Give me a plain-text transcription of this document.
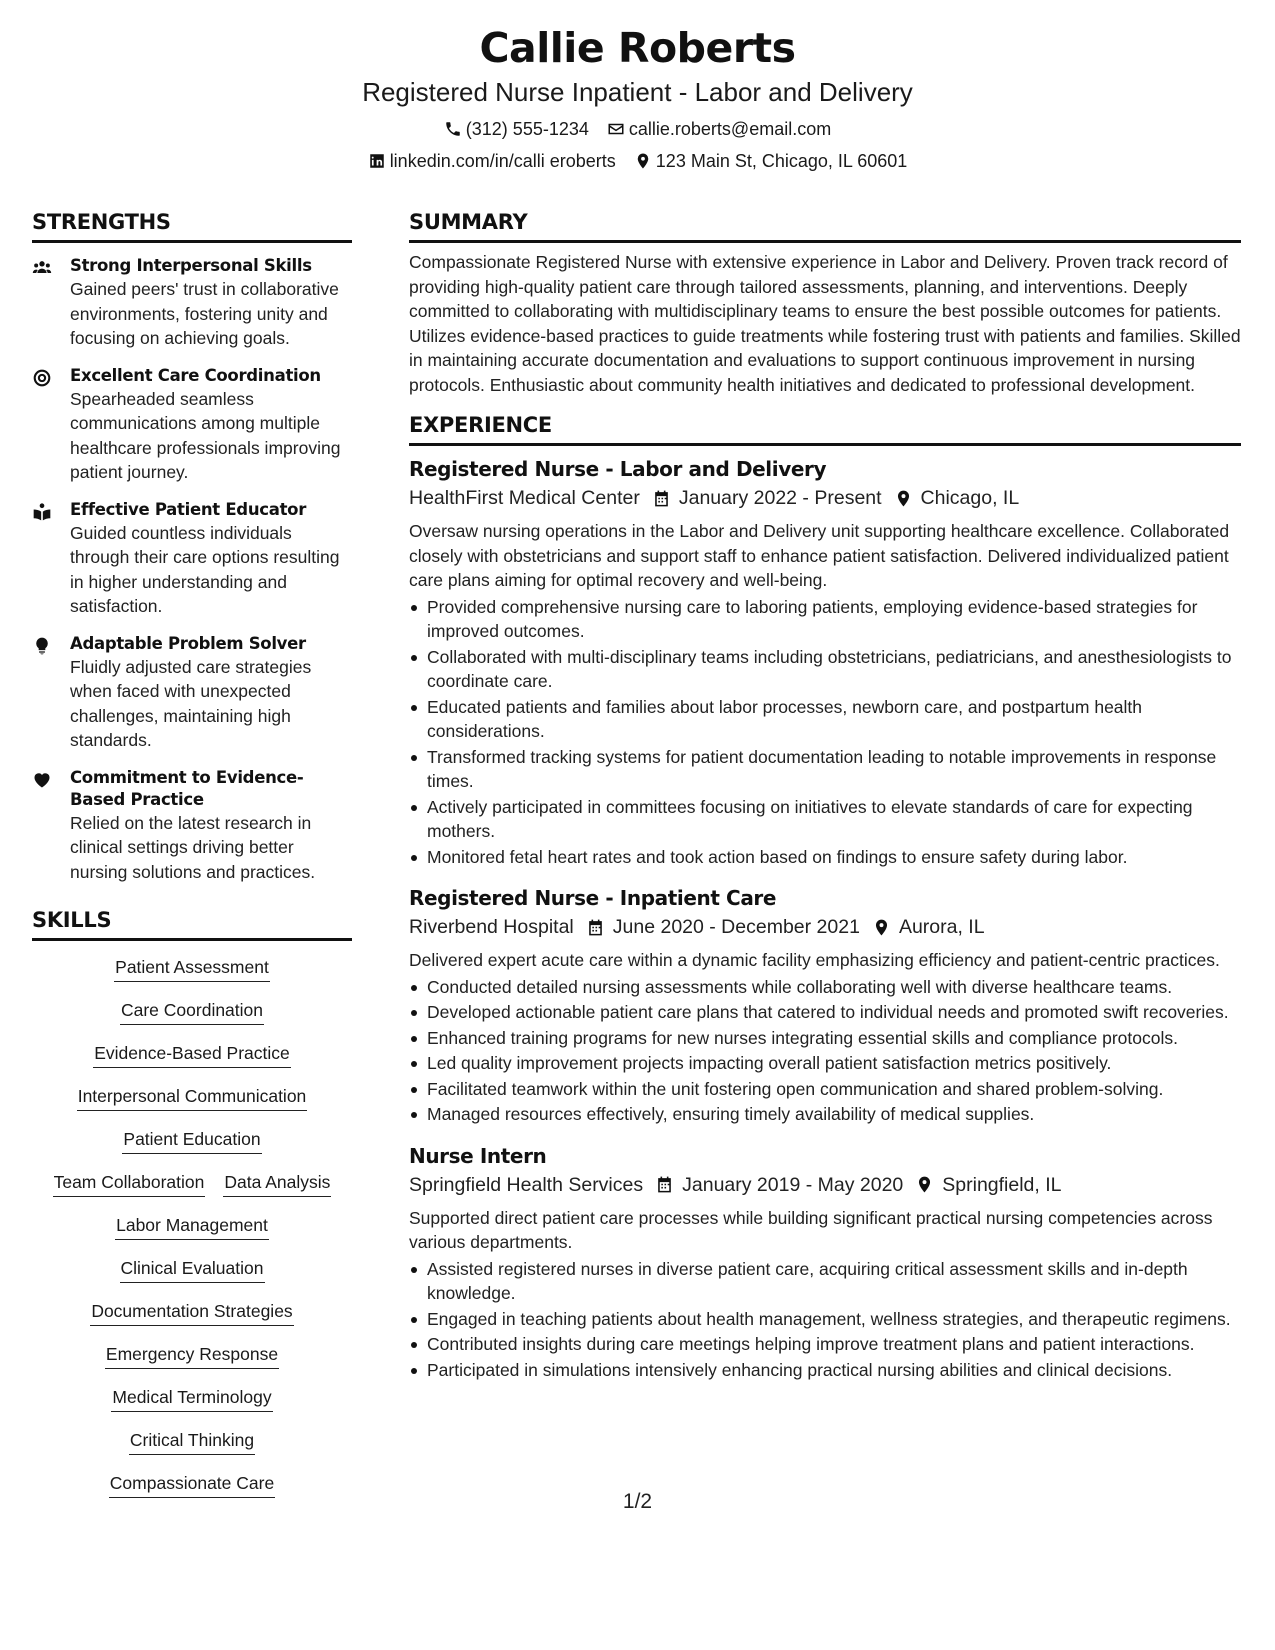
Callie Roberts
Registered Nurse Inpatient - Labor and Delivery
(312) 555-1234 callie.roberts@email.com
linkedin.com/in/calli eroberts 123 Main St, Chicago, IL 60601
STRENGTHS
Strong Interpersonal Skills
Gained peers' trust in collaborative environments, fostering unity and focusing on achieving goals.
Excellent Care Coordination
Spearheaded seamless communications among multiple healthcare professionals improving patient journey.
Effective Patient Educator
Guided countless individuals through their care options resulting in higher understanding and satisfaction.
Adaptable Problem Solver
Fluidly adjusted care strategies when faced with unexpected challenges, maintaining high standards.
Commitment to Evidence-Based Practice
Relied on the latest research in clinical settings driving better nursing solutions and practices.
SKILLS
Patient Assessment
Care Coordination
Evidence-Based Practice
Interpersonal Communication
Patient Education
Team Collaboration Data Analysis
Labor Management
Clinical Evaluation
Documentation Strategies
Emergency Response
Medical Terminology
Critical Thinking
Compassionate Care
SUMMARY
Compassionate Registered Nurse with extensive experience in Labor and Delivery. Proven track record of providing high-quality patient care through tailored assessments, planning, and interventions. Deeply committed to collaborating with multidisciplinary teams to ensure the best possible outcomes for patients. Utilizes evidence-based practices to guide treatments while fostering trust with patients and families. Skilled in maintaining accurate documentation and evaluations to support continuous improvement in nursing protocols. Enthusiastic about community health initiatives and dedicated to professional development.
EXPERIENCE
Registered Nurse - Labor and Delivery
HealthFirst Medical Center January 2022 - Present Chicago, IL
Oversaw nursing operations in the Labor and Delivery unit supporting healthcare excellence. Collaborated closely with obstetricians and support staff to enhance patient satisfaction. Delivered individualized patient care plans aiming for optimal recovery and well-being.
Provided comprehensive nursing care to laboring patients, employing evidence-based strategies for improved outcomes.
Collaborated with multi-disciplinary teams including obstetricians, pediatricians, and anesthesiologists to coordinate care.
Educated patients and families about labor processes, newborn care, and postpartum health considerations.
Transformed tracking systems for patient documentation leading to notable improvements in response times.
Actively participated in committees focusing on initiatives to elevate standards of care for expecting mothers.
Monitored fetal heart rates and took action based on findings to ensure safety during labor.
Registered Nurse - Inpatient Care
Riverbend Hospital June 2020 - December 2021 Aurora, IL
Delivered expert acute care within a dynamic facility emphasizing efficiency and patient-centric practices.
Conducted detailed nursing assessments while collaborating well with diverse healthcare teams.
Developed actionable patient care plans that catered to individual needs and promoted swift recoveries.
Enhanced training programs for new nurses integrating essential skills and compliance protocols.
Led quality improvement projects impacting overall patient satisfaction metrics positively.
Facilitated teamwork within the unit fostering open communication and shared problem-solving.
Managed resources effectively, ensuring timely availability of medical supplies.
Nurse Intern
Springfield Health Services January 2019 - May 2020 Springfield, IL
Supported direct patient care processes while building significant practical nursing competencies across various departments.
Assisted registered nurses in diverse patient care, acquiring critical assessment skills and in-depth knowledge.
Engaged in teaching patients about health management, wellness strategies, and therapeutic regimens.
Contributed insights during care meetings helping improve treatment plans and patient interactions.
Participated in simulations intensively enhancing practical nursing abilities and clinical decisions.
1/2
